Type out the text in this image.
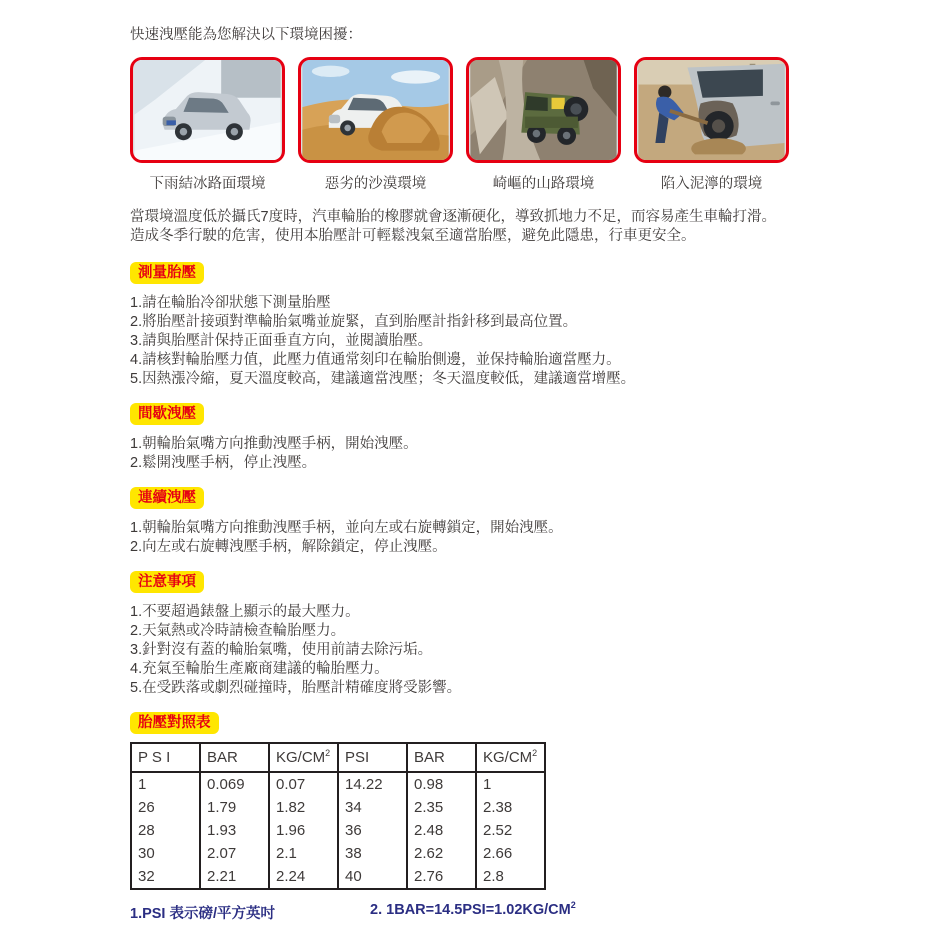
快速洩壓能為您解決以下環境困擾：

下雨結冰路面環境	惡劣的沙漠環境	崎嶇的山路環境	陷入泥濘的環境

當環境溫度低於攝氏7度時，汽車輪胎的橡膠就會逐漸硬化，導致抓地力不足，而容易產生車輪打滑。
造成冬季行駛的危害，使用本胎壓計可輕鬆洩氣至適當胎壓，避免此隱患，行車更安全。

測量胎壓
1.請在輪胎冷卻狀態下測量胎壓
2.將胎壓計接頭對準輪胎氣嘴並旋緊，直到胎壓計指針移到最高位置。
3.請與胎壓計保持正面垂直方向，並閱讀胎壓。
4.請核對輪胎壓力值，此壓力值通常刻印在輪胎側邊，並保持輪胎適當壓力。
5.因熱漲冷縮，夏天溫度較高，建議適當洩壓；冬天溫度較低，建議適當增壓。
間歇洩壓
1.朝輪胎氣嘴方向推動洩壓手柄，開始洩壓。
2.鬆開洩壓手柄，停止洩壓。
連續洩壓
1.朝輪胎氣嘴方向推動洩壓手柄，並向左或右旋轉鎖定，開始洩壓。
2.向左或右旋轉洩壓手柄，解除鎖定，停止洩壓。
注意事項
1.不要超過錶盤上顯示的最大壓力。
2.天氣熱或冷時請檢查輪胎壓力。
3.針對沒有蓋的輪胎氣嘴，使用前請去除污垢。
4.充氣至輪胎生產廠商建議的輪胎壓力。
5.在受跌落或劇烈碰撞時，胎壓計精確度將受影響。
胎壓對照表
P S I	BAR	$KG/CM^2$	PSI	BAR	$KG/CM^2$
1	0.069	0.07	14.22	0.98	1
26	1.79	1.82	34	2.35	2.38
28	1.93	1.96	36	2.48	2.52
30	2.07	2.1	38	2.62	2.66
32	2.21	2.24	40	2.76	2.8
1.PSI 表示磅/平方英吋	2. $1BAR=14.5PSI=1.02KG/CM^2$
